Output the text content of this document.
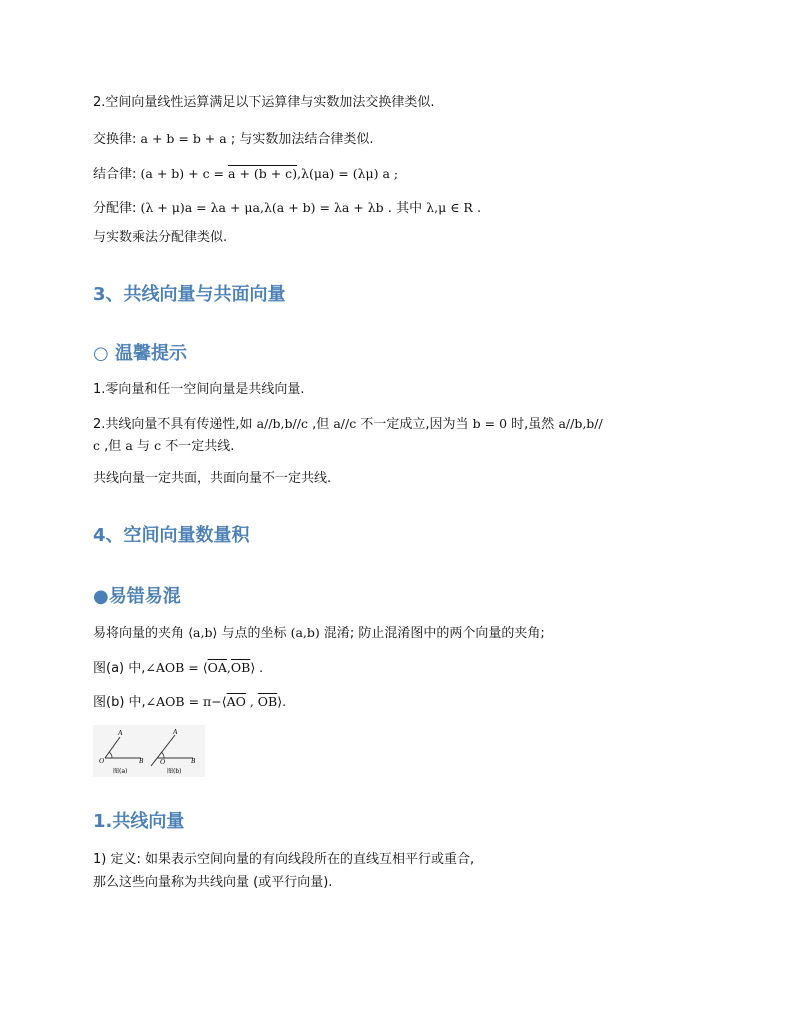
2.空间向量线性运算满足以下运算律与实数加法交换律类似.
交换律: a + b = b + a ; 与实数加法结合律类似.
结合律: (a + b) + c = a + (b + c),λ(μa) = (λμ) a ;
分配律: (λ + μ)a = λa + μa,λ(a + b) = λa + λb . 其中 λ,μ ∈ R .
与实数乘法分配律类似.
3、共线向量与共面向量
○ 温馨提示
1.零向量和任一空间向量是共线向量.
2.共线向量不具有传递性,如 a//b,b//c ,但 a//c 不一定成立,因为当 b = 0 时,虽然 a//b,b//
c ,但 a 与 c 不一定共线.
共线向量一定共面，共面向量不一定共线.
4、空间向量数量积
●易错易混
易将向量的夹角 ⟨a,b⟩ 与点的坐标 (a,b) 混淆; 防止混淆图中的两个向量的夹角;
图(a) 中,∠AOB = $⟨\overline{OA},\overline{OB}⟩$ .
图(b) 中,∠AOB = $\pi-⟨\overline{AO}$ , $\overline{OB}⟩$.
A
O	B
图(a)
A
O	B
图(b)
1.共线向量
1) 定义: 如果表示空间向量的有向线段所在的直线互相平行或重合,
那么这些向量称为共线向量 (或平行向量).
